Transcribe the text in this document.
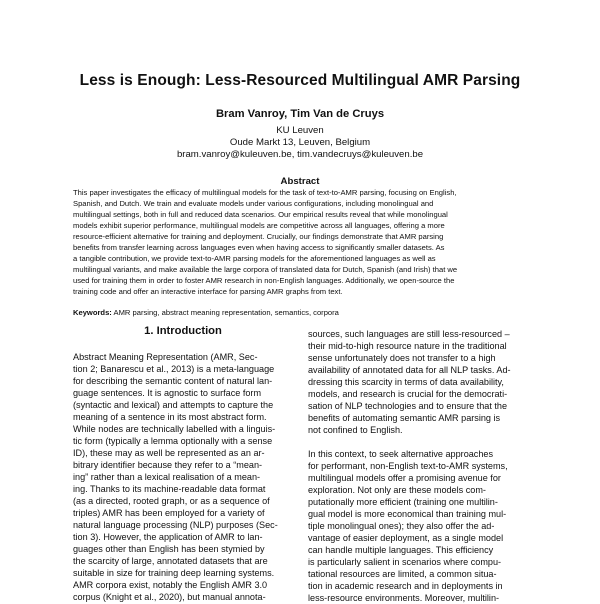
Less is Enough: Less-Resourced Multilingual AMR Parsing
Bram Vanroy, Tim Van de Cruys
KU Leuven
Oude Markt 13, Leuven, Belgium
bram.vanroy@kuleuven.be, tim.vandecruys@kuleuven.be
Abstract
This paper investigates the efficacy of multilingual models for the task of text-to-AMR parsing, focusing on English,
Spanish, and Dutch. We train and evaluate models under various configurations, including monolingual and
multilingual settings, both in full and reduced data scenarios. Our empirical results reveal that while monolingual
models exhibit superior performance, multilingual models are competitive across all languages, offering a more
resource-efficient alternative for training and deployment. Crucially, our findings demonstrate that AMR parsing
benefits from transfer learning across languages even when having access to significantly smaller datasets. As
a tangible contribution, we provide text-to-AMR parsing models for the aforementioned languages as well as
multilingual variants, and make available the large corpora of translated data for Dutch, Spanish (and Irish) that we
used for training them in order to foster AMR research in non-English languages. Additionally, we open-source the
training code and offer an interactive interface for parsing AMR graphs from text.
Keywords: AMR parsing, abstract meaning representation, semantics, corpora
1. Introduction
Abstract Meaning Representation (AMR, Sec-
tion 2; Banarescu et al., 2013) is a meta-language
for describing the semantic content of natural lan-
guage sentences. It is agnostic to surface form
(syntactic and lexical) and attempts to capture the
meaning of a sentence in its most abstract form.
While nodes are technically labelled with a linguis-
tic form (typically a lemma optionally with a sense
ID), these may as well be represented as an ar-
bitrary identifier because they refer to a “mean-
ing” rather than a lexical realisation of a mean-
ing. Thanks to its machine-readable data format
(as a directed, rooted graph, or as a sequence of
triples) AMR has been employed for a variety of
natural language processing (NLP) purposes (Sec-
tion 3). However, the application of AMR to lan-
guages other than English has been stymied by
the scarcity of large, annotated datasets that are
suitable in size for training deep learning systems.
AMR corpora exist, notably the English AMR 3.0
corpus (Knight et al., 2020), but manual annota-
sources, such languages are still less-resourced –
their mid-to-high resource nature in the traditional
sense unfortunately does not transfer to a high
availability of annotated data for all NLP tasks. Ad-
dressing this scarcity in terms of data availability,
models, and research is crucial for the democrati-
sation of NLP technologies and to ensure that the
benefits of automating semantic AMR parsing is
not confined to English.
In this context, to seek alternative approaches
for performant, non-English text-to-AMR systems,
multilingual models offer a promising avenue for
exploration. Not only are these models com-
putationally more efficient (training one multilin-
gual model is more economical than training mul-
tiple monolingual ones); they also offer the ad-
vantage of easier deployment, as a single model
can handle multiple languages. This efficiency
is particularly salient in scenarios where compu-
tational resources are limited, a common situa-
tion in academic research and in deployments in
less-resource environments. Moreover, multilin-
